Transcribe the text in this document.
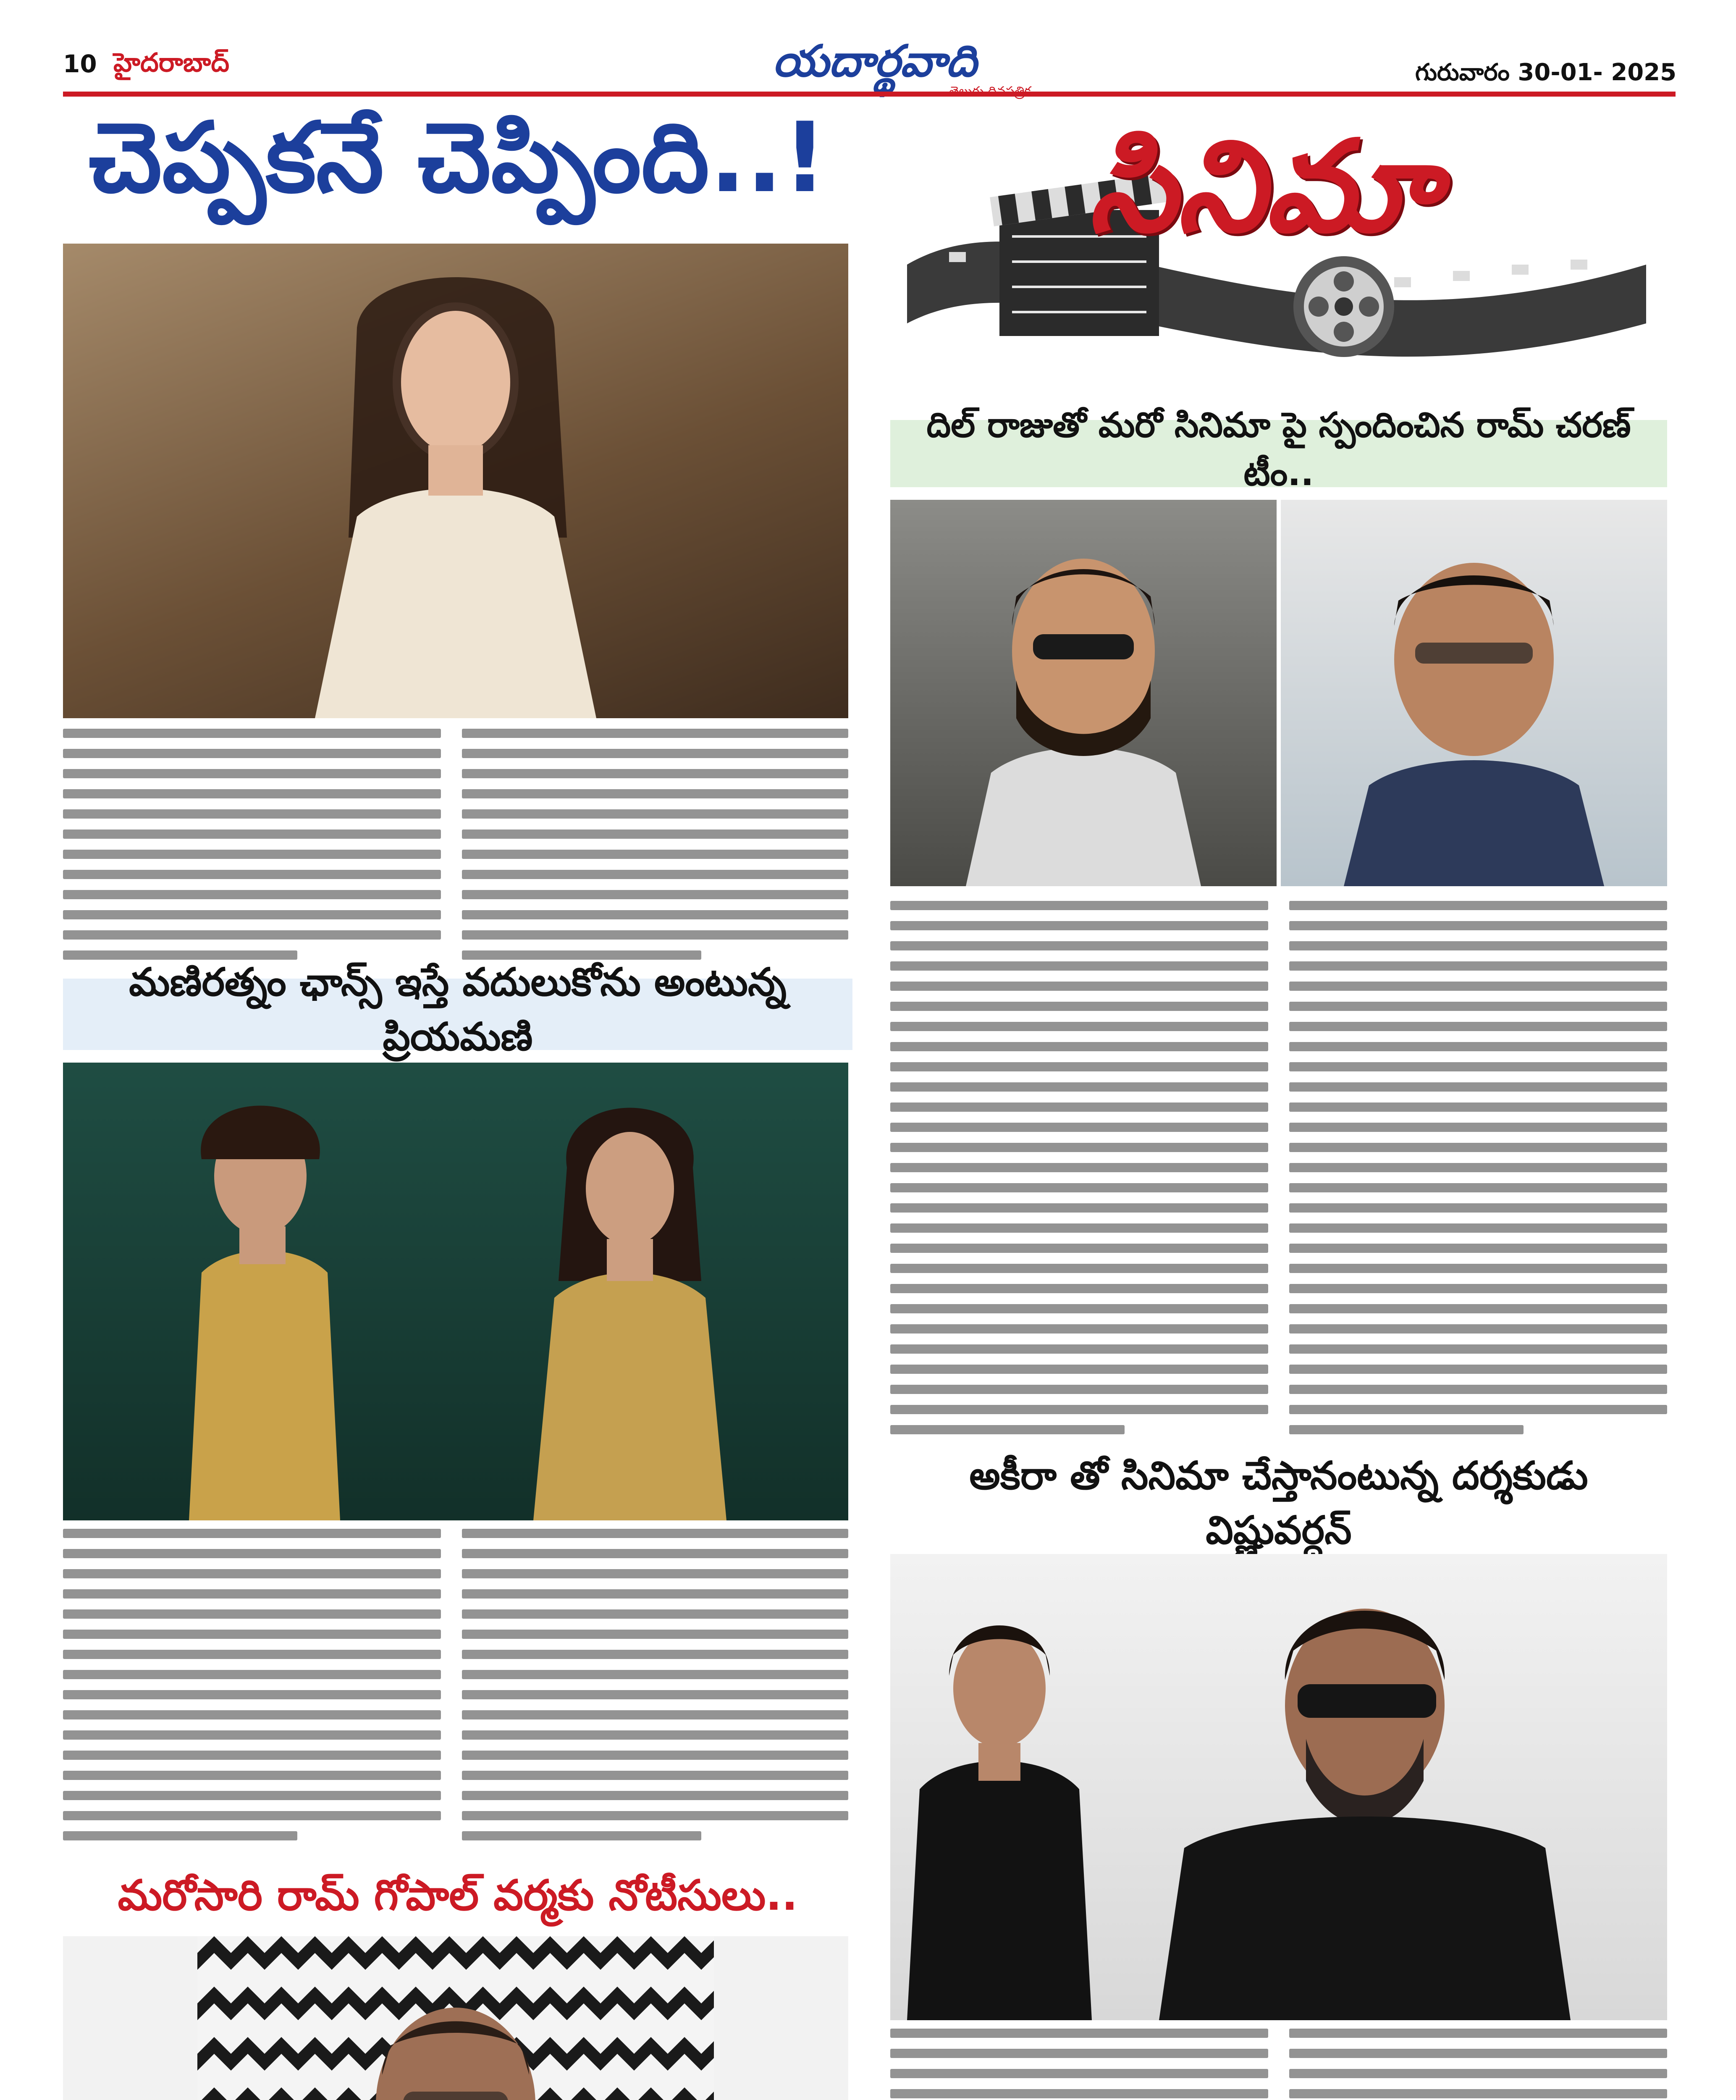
10 హైదరాబాద్	యదార్థవాది	గురువారం 30-01- 2025
చెప్పకనే చెప్పింది..! సినిమా
దిల్ రాజుతో మరో సినిమా పై స్పందించిన రామ్ చరణ్ టీం..
మణిరత్నం ఛాన్స్ ఇస్తే వదులుకోను అంటున్న ప్రియమణి
అకీరా తో సినిమా చేస్తానంటున్న దర్శకుడు విష్ణువర్ధన్
మరోసారి రామ్ గోపాల్ వర్మకు నోటీసులు..
